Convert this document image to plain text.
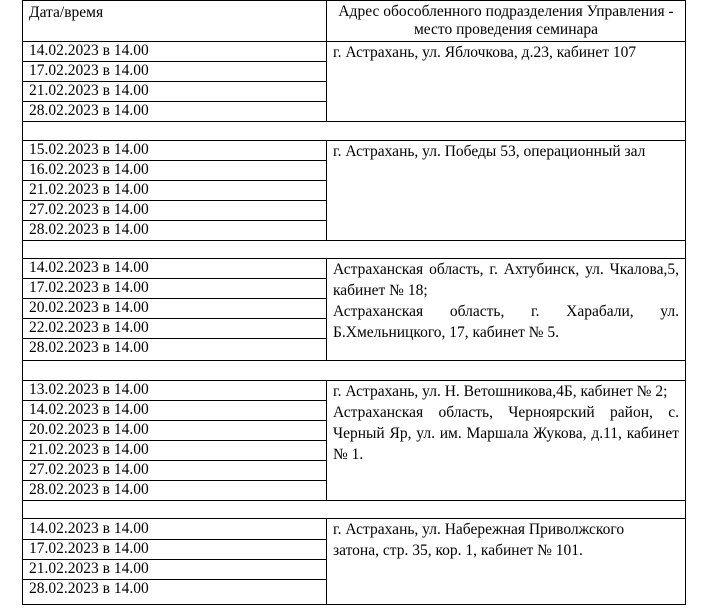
Дата/время	Адрес обособленного подразделения Управления - место проведения семинара
14.02.2023 в 14.00
17.02.2023 в 14.00
21.02.2023 в 14.00
28.02.2023 в 14.00

г. Астрахань, ул. Яблочкова, д.23, кабинет 107

15.02.2023 в 14.00
16.02.2023 в 14.00
21.02.2023 в 14.00
27.02.2023 в 14.00
28.02.2023 в 14.00

г. Астрахань, ул. Победы 53, операционный зал

14.02.2023 в 14.00
17.02.2023 в 14.00
20.02.2023 в 14.00
22.02.2023 в 14.00
28.02.2023 в 14.00

Астраханская область, г. Ахтубинск, ул. Чкалова,5, кабинет № 18;

Астраханская область, г. Харабали, ул. Б.Хмельницкого, 17, кабинет № 5.

13.02.2023 в 14.00
14.02.2023 в 14.00
20.02.2023 в 14.00
21.02.2023 в 14.00
27.02.2023 в 14.00
28.02.2023 в 14.00

г. Астрахань, ул. Н. Ветошникова,4Б, кабинет № 2;

Астраханская область, Черноярский район, с. Черный Яр, ул. им. Маршала Жукова, д.11, кабинет № 1.

14.02.2023 в 14.00
17.02.2023 в 14.00
21.02.2023 в 14.00
28.02.2023 в 14.00

г. Астрахань, ул. Набережная Приволжского затона, стр. 35, кор. 1, кабинет № 101.
